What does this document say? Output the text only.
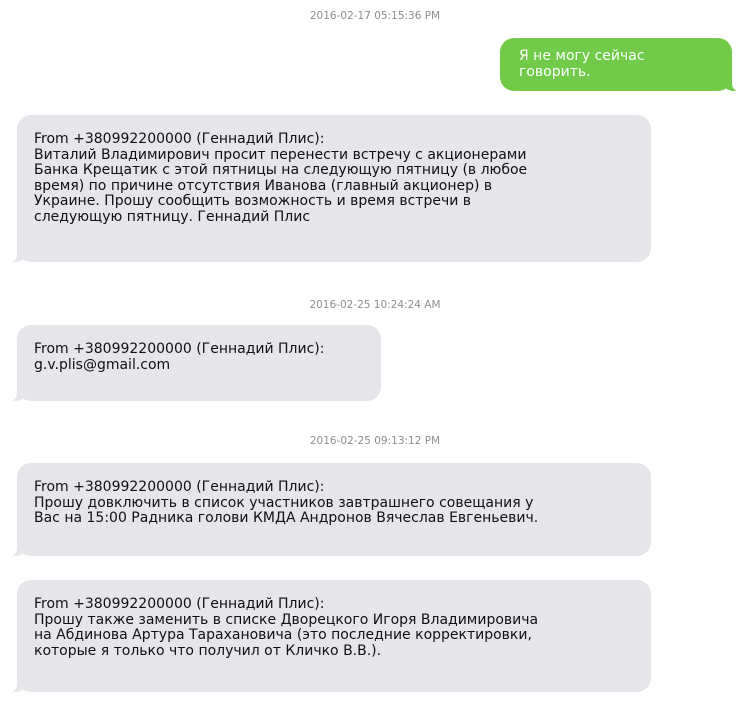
2016-02-17 05:15:36 PM
Я не могу сейчас говорить.
From +380992200000 (Геннадий Плис):
Виталий Владимирович просит перенести встречу с акционерами
Банка Крещатик с этой пятницы на следующую пятницу (в любое
время) по причине отсутствия Иванова (главный акционер) в
Украине. Прошу сообщить возможность и время встречи в
следующую пятницу. Геннадий Плис
2016-02-25 10:24:24 AM
From +380992200000 (Геннадий Плис):
g.v.plis@gmail.com
2016-02-25 09:13:12 PM
From +380992200000 (Геннадий Плис):
Прошу довключить в список участников завтрашнего совещания у
Вас на 15:00 Радника голови КМДА Андронов Вячеслав Евгеньевич.
From +380992200000 (Геннадий Плис):
Прошу также заменить в списке Дворецкого Игоря Владимировича
на Абдинова Артура Тарахановича (это последние корректировки,
которые я только что получил от Кличко В.В.).
